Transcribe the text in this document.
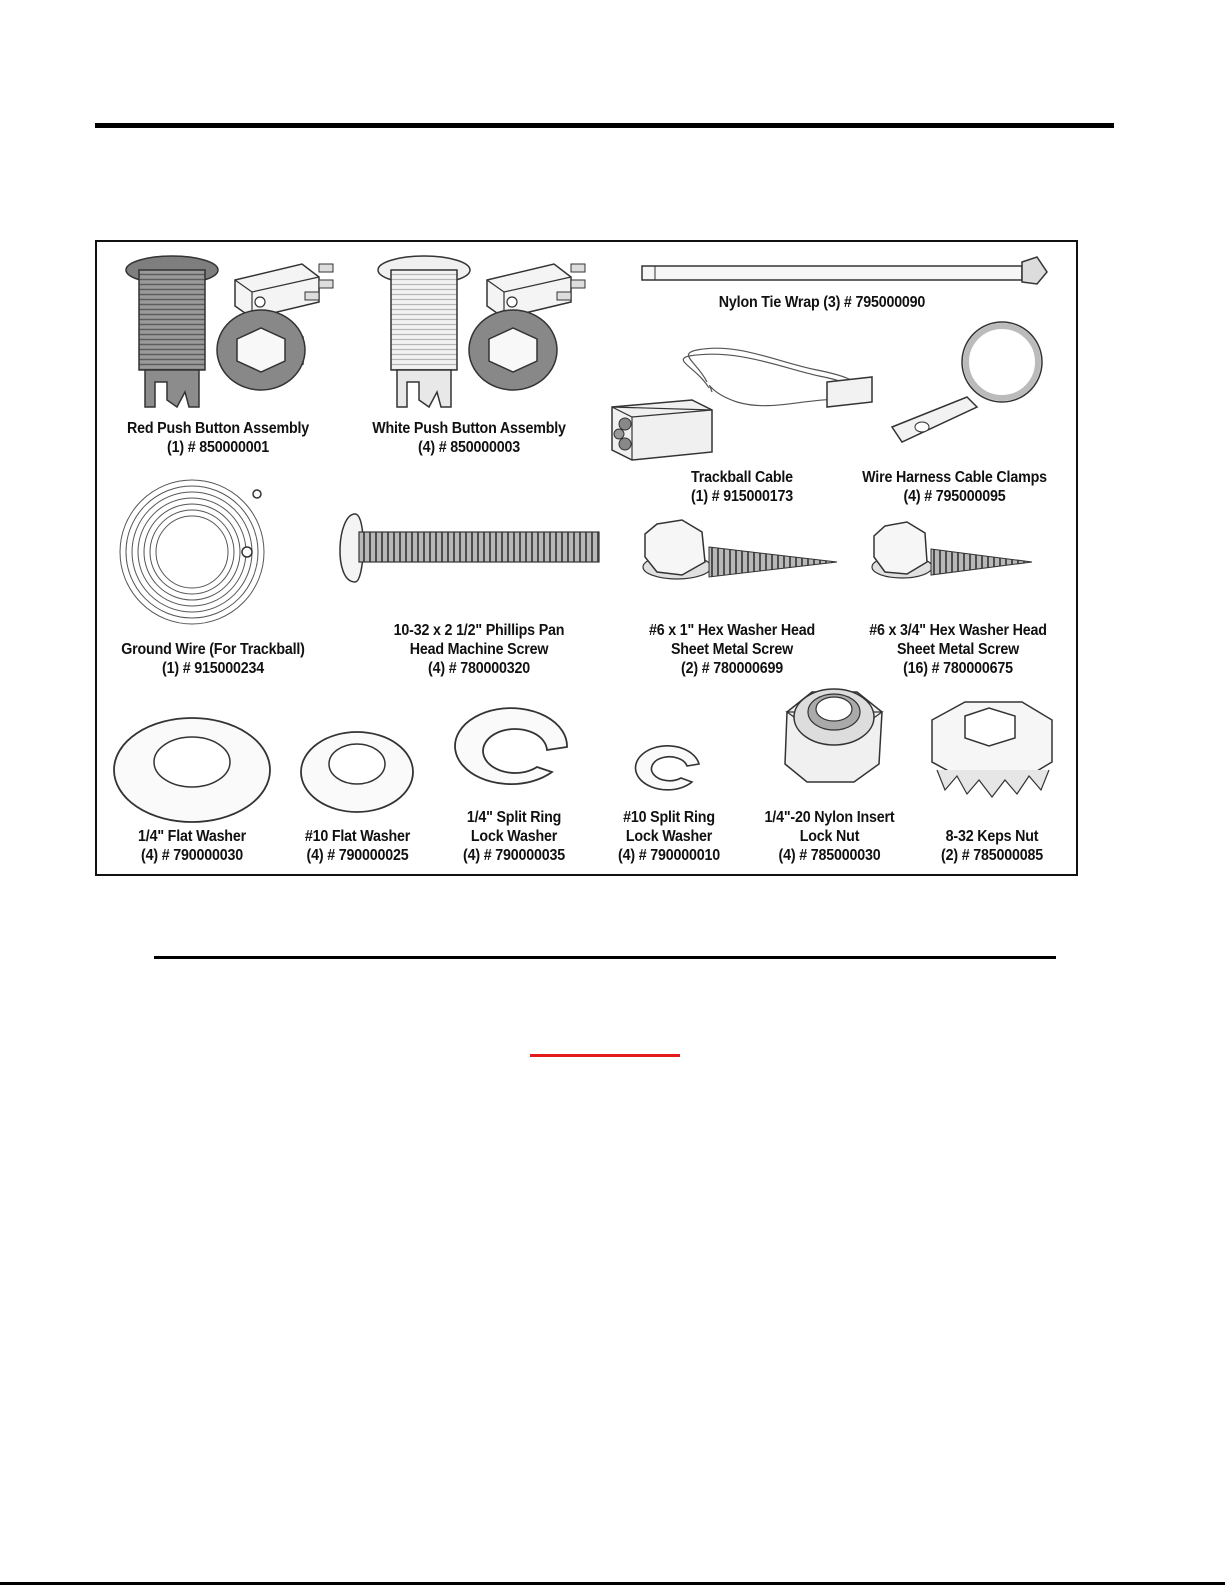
Red Push Button Assembly
(1) # 850000001
White Push Button Assembly
(4) # 850000003
Nylon Tie Wrap (3) # 795000090
Trackball Cable
(1) # 915000173
Wire Harness Cable Clamps
(4) # 795000095
Ground Wire (For Trackball)
(1) # 915000234
10-32 x 2 1/2" Phillips Pan
Head Machine Screw
(4) # 780000320
#6 x 1" Hex Washer Head
Sheet Metal Screw
(2) # 780000699
#6 x 3/4" Hex Washer Head
Sheet Metal Screw
(16) # 780000675
1/4" Flat Washer
(4) # 790000030
#10 Flat Washer
(4) # 790000025
1/4" Split Ring
Lock Washer
(4) # 790000035
#10 Split Ring
Lock Washer
(4) # 790000010
1/4"-20 Nylon Insert
Lock Nut
(4) # 785000030
8-32 Keps Nut
(2) # 785000085
